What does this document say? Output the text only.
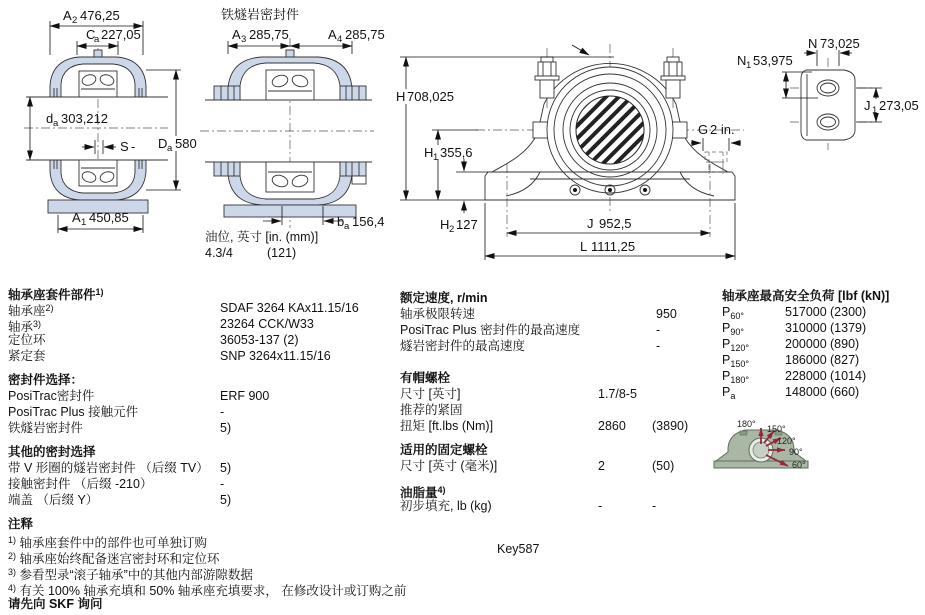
A 2 476,25
C
a 227,05
d a 303,212
S - D a 580
A 1 450,85
铁燧岩密封件
A 3 285,75	A 4 285,75
b a 156,4
油位, 英寸 [in. (mm)]
4.3/4	(121)
H 708,025
H 1 355,6
H 2 127
G 2 in.
J 952,5
L 1111,25
N 73,025
N 1 53,975
J 1 273,05
180° 150°
120°
90°
60°
轴承座套件部件$^{1)}$
轴承座$^{2)}$	SDAF 3264 KAx11.15/16
轴承$^{3)}$	23264 CCK/W33
定位环	36053-137 (2)
紧定套	SNP 3264x11.15/16
密封件选择：
PosiTrac密封件	ERF 900
PosiTrac Plus 接触元件	-
铁燧岩密封件	5)
其他的密封选择
带 V 形圈的燧岩密封件 （后缀 TV） 5)
接触密封件 （后缀 -210）	-
端盖 （后缀 Y）	5)
注释
$^{1)}$ 轴承座套件中的部件也可单独订购
$^{2)}$ 轴承座始终配备迷宫密封环和定位环
$^{3)}$ 参看型录“滚子轴承”中的其他内部游隙数据
$^{4)}$ 有关 100% 轴承充填和 50% 轴承座充填要求， 在修改设计或订购之前
请先向 SKF 询问
额定速度, r/min
轴承极限转速	950
PosiTrac Plus 密封件的最高速度	-
燧岩密封件的最高速度	-
有帽螺栓
尺寸 [英寸]	1.7/8-5
推荐的紧固
扭矩 [ft.lbs (Nm)]	2860 (3890)
适用的固定螺栓
尺寸 [英寸 (毫米)]	2	(50)
油脂量$^{4)}$
初步填充, lb (kg)	-	-
轴承座最高安全负荷 [lbf (kN)]
$P_{60^\circ}$	517000 (2300)
$P_{90^\circ}$	310000 (1379)
$P_{120^\circ}$	200000 (890)
$P_{150^\circ}$	186000 (827)
$P_{180^\circ}$	228000 (1014)
$P_a$	148000 (660)
Key587
